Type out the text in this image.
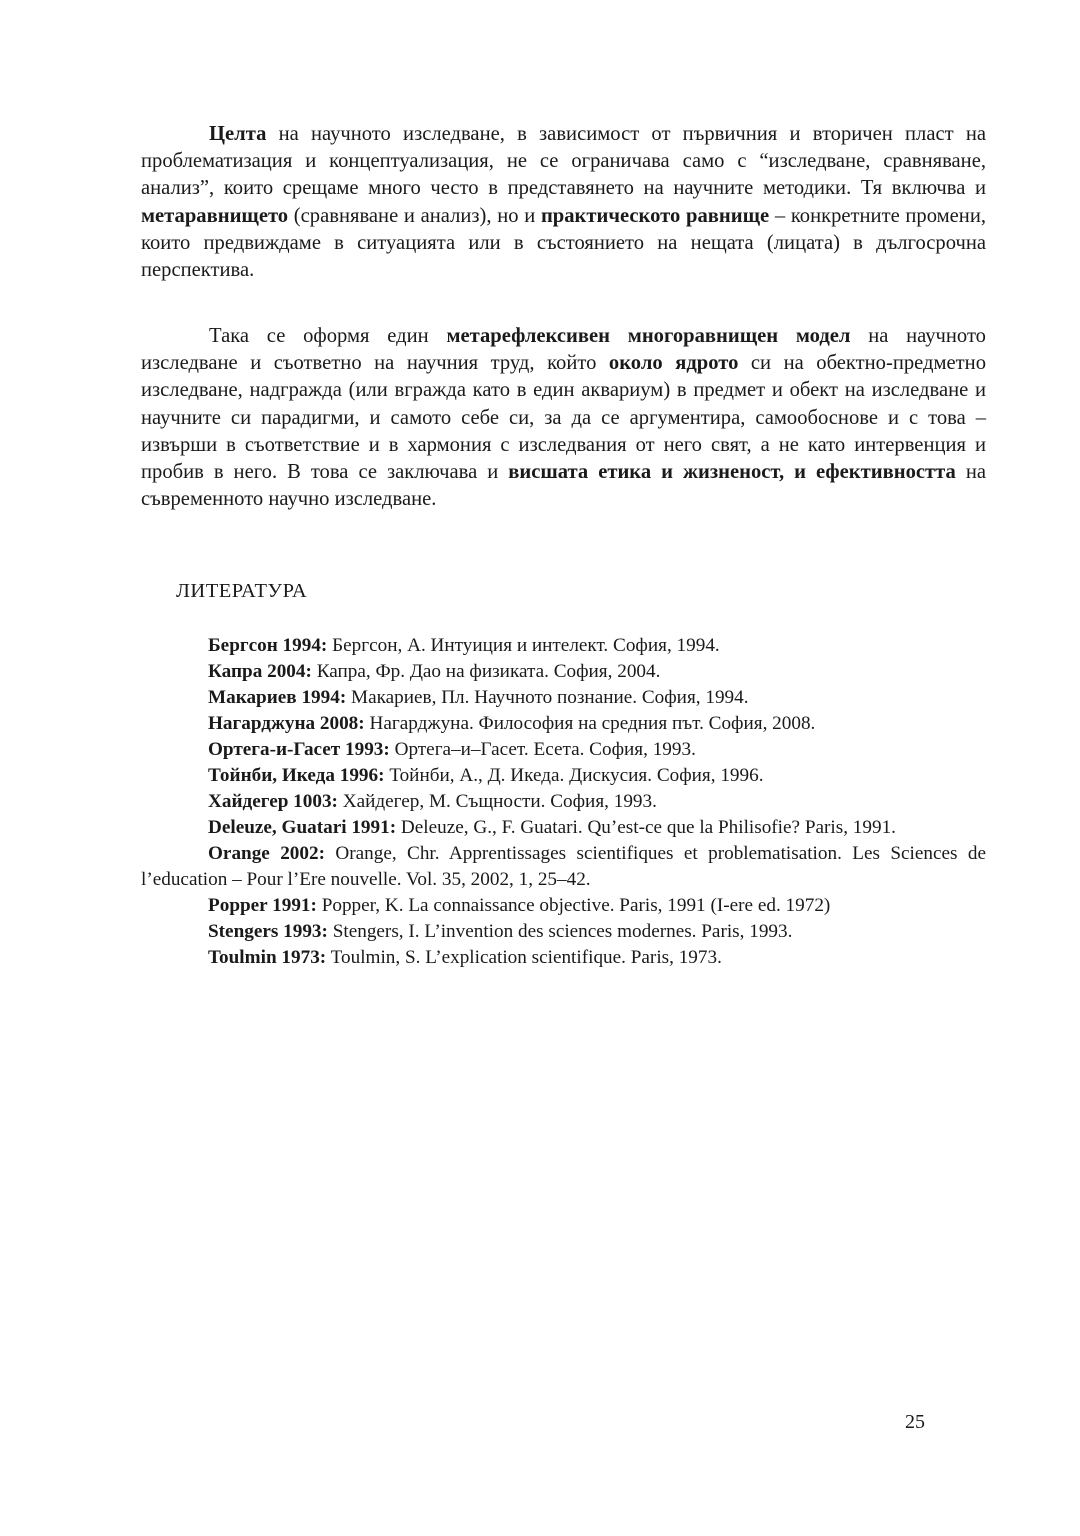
Целта на научното изследване, в зависимост от първичния и вторичен пласт на проблематизация и концептуализация, не се ограничава само с “изследване, сравняване, анализ”, които срещаме много често в представянето на научните методики. Тя включва и метаравнището (сравняване и анализ), но и практическото равнище – конкретните промени, които предвиждаме в ситуацията или в състоянието на нещата (лицата) в дългосрочна перспектива.

Така се оформя един метарефлексивен многоравнищен модел на научното изследване и съответно на научния труд, който около ядрото си на обектно-предметно изследване, надгражда (или вгражда като в един аквариум) в предмет и обект на изследване и научните си парадигми, и самото себе си, за да се аргументира, самообоснове и с това – извърши в съответствие и в хармония с изследвания от него свят, а не като интервенция и пробив в него. В това се заключава и висшата етика и жизненост, и ефективността на съвременното научно изследване.

ЛИТЕРАТУРА

Бергсон 1994: Бергсон, А. Интуиция и интелект. София, 1994.

Капра 2004: Капра, Фр. Дао на физиката. София, 2004.

Макариев 1994: Макариев, Пл. Научното познание. София, 1994.

Нагарджуна 2008: Нагарджуна. Философия на средния път. София, 2008.

Ортега-и-Гасет 1993: Ортега–и–Гасет. Есета. София, 1993.

Тойнби, Икеда 1996: Тойнби, А., Д. Икеда. Дискусия. София, 1996.

Хайдегер 1003: Хайдегер, М. Същности. София, 1993.

Deleuze, Guatari 1991: Deleuze, G., F. Guatari. Qu’est-ce que la Philisofie? Paris, 1991.

Orange 2002: Orange, Chr. Apprentissages scientifiques et problematisation. Les Sciences de l’education – Pour l’Ere nouvelle. Vol. 35, 2002, 1, 25–42.

Popper 1991: Popper, K. La connaissance objective. Paris, 1991 (I-ere ed. 1972)

Stengers 1993: Stengers, I. L’invention des sciences modernes. Paris, 1993.

Toulmin 1973: Toulmin, S. L’explication scientifique. Paris, 1973.

25
